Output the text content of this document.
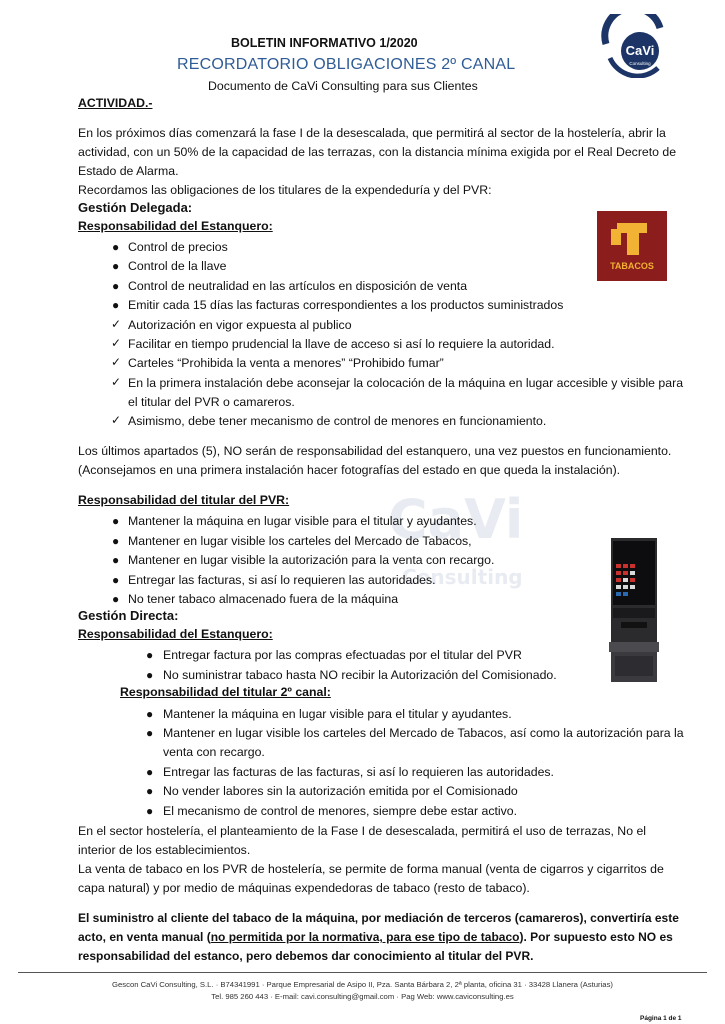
BOLETIN INFORMATIVO 1/2020
RECORDATORIO OBLIGACIONES 2º CANAL
Documento de CaVi Consulting para sus Clientes
CaVi
Consulting
CaVi
Consulting
ACTIVIDAD.-
En los próximos días comenzará la fase I de la desescalada, que permitirá al sector de la hostelería, abrir la
actividad, con un 50% de la capacidad de las terrazas, con la distancia mínima exigida por el Real Decreto de
Estado de Alarma.
Recordamos las obligaciones de los titulares de la expendeduría y del PVR:
Gestión Delegada:
Responsabilidad del Estanquero:
● Control de precios
● Control de la llave
● Control de neutralidad en las artículos en disposición de venta
● Emitir cada 15 días las facturas correspondientes a los productos suministrados
✓ Autorización en vigor expuesta al publico
✓ Facilitar en tiempo prudencial la llave de acceso si así lo requiere la autoridad.
✓ Carteles “Prohibida la venta a menores” “Prohibido fumar”
✓ En la primera instalación debe aconsejar la colocación de la máquina en lugar accesible y visible para
el titular del PVR o camareros.
✓ Asimismo, debe tener mecanismo de control de menores en funcionamiento.
Los últimos apartados (5), NO serán de responsabilidad del estanquero, una vez puestos en funcionamiento.
(Aconsejamos en una primera instalación hacer fotografías del estado en que queda la instalación).
TABACOS
Responsabilidad del titular del PVR:
● Mantener la máquina en lugar visible para el titular y ayudantes.
● Mantener en lugar visible los carteles del Mercado de Tabacos,
● Mantener en lugar visible la autorización para la venta con recargo.
● Entregar las facturas, si así lo requieren las autoridades.
● No tener tabaco almacenado fuera de la máquina
Gestión Directa:
Responsabilidad del Estanquero:
● Entregar factura por las compras efectuadas por el titular del PVR
● No suministrar tabaco hasta NO recibir la Autorización del Comisionado.
Responsabilidad del titular 2º canal:
● Mantener la máquina en lugar visible para el titular y ayudantes.
● Mantener en lugar visible los carteles del Mercado de Tabacos, así como la autorización para la
venta con recargo.
● Entregar las facturas de las facturas, si así lo requieren las autoridades.
● No vender labores sin la autorización emitida por el Comisionado
● El mecanismo de control de menores, siempre debe estar activo.
En el sector hostelería, el planteamiento de la Fase I de desescalada, permitirá el uso de terrazas, No el
interior de los establecimientos.
La venta de tabaco en los PVR de hostelería, se permite de forma manual (venta de cigarros y cigarritos de
capa natural) y por medio de máquinas expendedoras de tabaco (resto de tabaco).
El suministro al cliente del tabaco de la máquina, por mediación de terceros (camareros), convertiría este
acto, en venta manual (no permitida por la normativa, para ese tipo de tabaco). Por supuesto esto NO es
responsabilidad del estanco, pero debemos dar conocimiento al titular del PVR.
Gescon CaVi Consulting, S.L. · B74341991 · Parque Empresarial de Asipo II, Pza. Santa Bárbara 2, 2ª planta, oficina 31 · 33428 Llanera (Asturias)
Tel. 985 260 443 · E-mail: cavi.consulting@gmail.com · Pag Web: www.caviconsulting.es
Página 1 de 1
